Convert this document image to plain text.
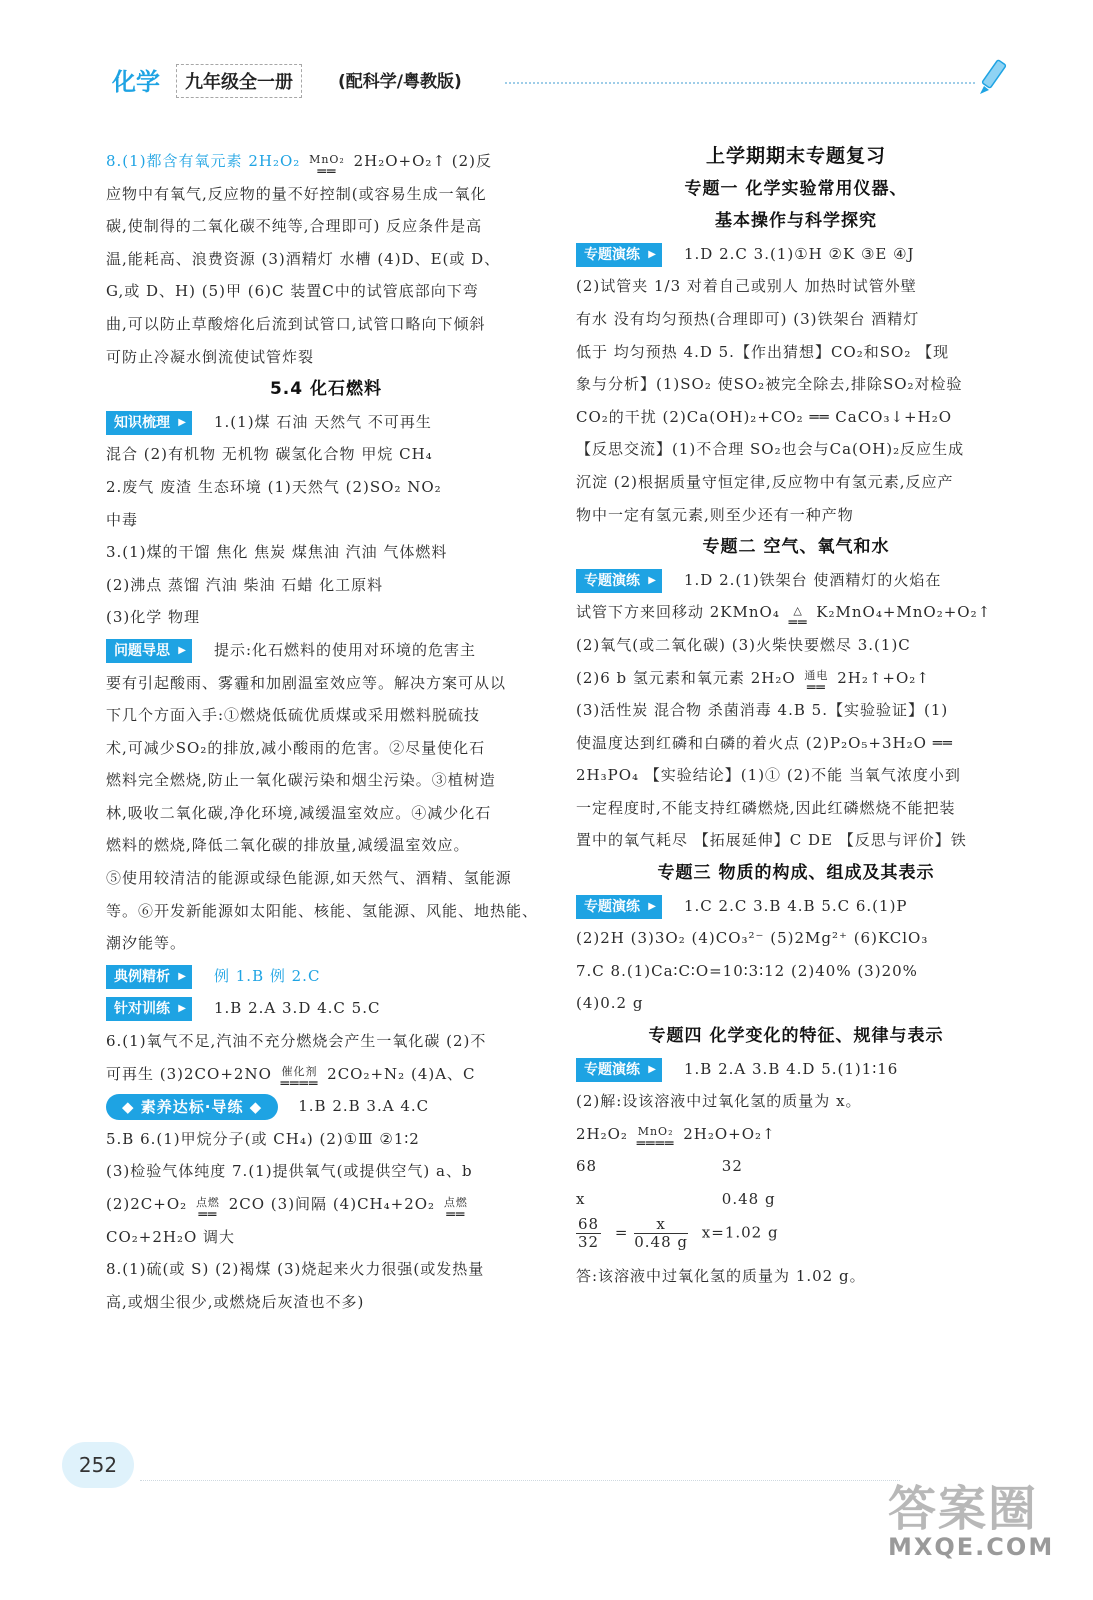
化学	九年级全一册	(配科学/粤教版)
8.(1)都含有氧元素 2H₂O₂ MnO₂
══
2H₂O+O₂↑ (2)反
应物中有氧气,反应物的量不好控制(或容易生成一氧化
碳,使制得的二氧化碳不纯等,合理即可) 反应条件是高
温,能耗高、浪费资源 (3)酒精灯 水槽 (4)D、E(或 D、
G,或 D、H) (5)甲 (6)C 装置C中的试管底部向下弯
曲,可以防止草酸熔化后流到试管口,试管口略向下倾斜
可防止冷凝水倒流使试管炸裂
5.4 化石燃料
知识梳理 ▶	1.(1)煤 石油 天然气 不可再生
混合 (2)有机物 无机物 碳氢化合物 甲烷 CH₄
2.废气 废渣 生态环境 (1)天然气 (2)SO₂ NO₂
中毒
3.(1)煤的干馏 焦化 焦炭 煤焦油 汽油 气体燃料
(2)沸点 蒸馏 汽油 柴油 石蜡 化工原料
(3)化学 物理
问题导思 ▶	提示:化石燃料的使用对环境的危害主
要有引起酸雨、雾霾和加剧温室效应等。解决方案可从以
下几个方面入手:①燃烧低硫优质煤或采用燃料脱硫技
术,可减少SO₂的排放,减小酸雨的危害。②尽量使化石
燃料完全燃烧,防止一氧化碳污染和烟尘污染。③植树造
林,吸收二氧化碳,净化环境,减缓温室效应。④减少化石
燃料的燃烧,降低二氧化碳的排放量,减缓温室效应。
⑤使用较清洁的能源或绿色能源,如天然气、酒精、氢能源
等。⑥开发新能源如太阳能、核能、氢能源、风能、地热能、
潮汐能等。
典例精析 ▶	例 1.B 例 2.C
针对训练 ▶	1.B 2.A 3.D 4.C 5.C
6.(1)氧气不足,汽油不充分燃烧会产生一氧化碳 (2)不
可再生 (3)2CO+2NO 催化剂
════
2CO₂+N₂ (4)A、C
◆ 素养达标·导练 ◆ 1.B 2.B 3.A 4.C
5.B 6.(1)甲烷分子(或 CH₄) (2)①Ⅲ ②1∶2
(3)检验气体纯度 7.(1)提供氧气(或提供空气) a、b
(2)2C+O₂ 点燃
══
2CO (3)间隔 (4)CH₄+2O₂ 点燃
══
CO₂+2H₂O 调大
8.(1)硫(或 S) (2)褐煤 (3)烧起来火力很强(或发热量
高,或烟尘很少,或燃烧后灰渣也不多)
上学期期末专题复习
专题一 化学实验常用仪器、
基本操作与科学探究
专题演练 ▶	1.D 2.C 3.(1)①H ②K ③E ④J
(2)试管夹 1/3 对着自己或别人 加热时试管外壁
有水 没有均匀预热(合理即可) (3)铁架台 酒精灯
低于 均匀预热 4.D 5.【作出猜想】CO₂和SO₂ 【现
象与分析】(1)SO₂ 使SO₂被完全除去,排除SO₂对检验
CO₂的干扰 (2)Ca(OH)₂+CO₂ ══ CaCO₃↓+H₂O
【反思交流】(1)不合理 SO₂也会与Ca(OH)₂反应生成
沉淀 (2)根据质量守恒定律,反应物中有氢元素,反应产
物中一定有氢元素,则至少还有一种产物
专题二 空气、氧气和水
专题演练 ▶	1.D 2.(1)铁架台 使酒精灯的火焰在
试管下方来回移动 2KMnO₄	△
══
K₂MnO₄+MnO₂+O₂↑
(2)氧气(或二氧化碳) (3)火柴快要燃尽 3.(1)C
(2)6 b 氢元素和氧元素 2H₂O 通电
══
2H₂↑+O₂↑
(3)活性炭 混合物 杀菌消毒 4.B 5.【实验验证】(1)
使温度达到红磷和白磷的着火点 (2)P₂O₅+3H₂O ══
2H₃PO₄ 【实验结论】(1)① (2)不能 当氧气浓度小到
一定程度时,不能支持红磷燃烧,因此红磷燃烧不能把装
置中的氧气耗尽 【拓展延伸】C DE 【反思与评价】铁
专题三 物质的构成、组成及其表示
专题演练 ▶	1.C 2.C 3.B 4.B 5.C 6.(1)P
(2)2H (3)3O₂ (4)CO₃²⁻ (5)2Mg²⁺ (6)KClO₃
7.C 8.(1)Ca∶C∶O=10∶3∶12 (2)40% (3)20%
(4)0.2 g
专题四 化学变化的特征、规律与表示
专题演练 ▶	1.B 2.A 3.B 4.D 5.(1)1∶16
(2)解:设该溶液中过氧化氢的质量为 x。
2H₂O₂ MnO₂
════
2H₂O+O₂↑
68	32
x	0.48 g
$\frac{68}{32} = \frac{x}{0.48 g} x=1.02$ g
答:该溶液中过氧化氢的质量为 1.02 g。
252
答案圈
MXQE.COM
